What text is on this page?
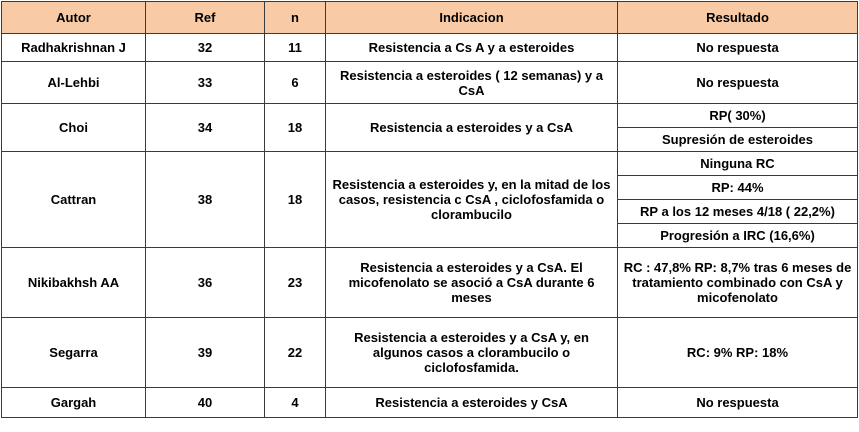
Autor	Ref	n	Indicacion	Resultado
Radhakrishnan J	32	11	Resistencia a Cs A y a esteroides	No respuesta
Al-Lehbi	33	6	Resistencia a esteroides ( 12 semanas) y a CsA	No respuesta
Choi	34	18	Resistencia a esteroides y a CsA	RP( 30%)
				Supresión de esteroides
Cattran	38	18	Resistencia a esteroides y, en la mitad de los casos, resistencia c CsA , ciclofosfamida o clorambucilo	Ninguna RC
				RP: 44%
				RP a los 12 meses 4/18 ( 22,2%)
				Progresión a IRC (16,6%)
Nikibakhsh AA	36	23	Resistencia a esteroides y a CsA. El micofenolato se asoció a CsA durante 6 meses	RC : 47,8% RP: 8,7% tras 6 meses de tratamiento combinado con CsA y micofenolato
Segarra	39	22	Resistencia a esteroides y a CsA y, en algunos casos a clorambucilo o ciclofosfamida.	RC: 9% RP: 18%
Gargah	40	4	Resistencia a esteroides y CsA	No respuesta
